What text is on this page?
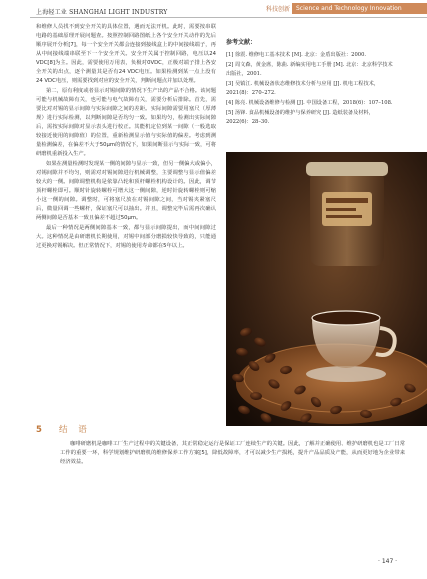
上海轻工业 SHANGHAI LIGHT INDUSTRY	科技创新 Science and Technology Innovation

和维修人员找不到安全开关的具体位置，遇而无法开机。此时，需要按串联电路的基础原理开展问题查。按照控制回路图纸上各个安全开关动作的先后顺序展开分析[7]，每一个安全开关都会连接到接线盒上的中间接线端子，再从中间接线端串联至下一个安全开关。安全开关属于控制回路，电压以24 VDC[8]为主。因此，需要使用万用表，负极对0VDC，正极对端子排上各安全开关的出点，逐个测量其是否有24 VDC电压。如果检测到某一点上没有24 VDC电压，则需要找到对应的安全开关，判断问题点并加以处理。

第二，原有利度或者显示对锡间隙的情况下生产出的产品不合格。该问题可能与机械故障有关，也可能与电气故障有关，需要分析后排除。首先，需要比对对锡的显示间隙与实际间隙之间的差距。实际间隙需要用塞尺（厚薄规）进行实际检测，以判断间隙是否均匀一致。如果均匀，检测出实际间隙后，需按实际间隙对显示表头进行校正。其能机定位到某一间隙（一般选取较接近使用的间隙值）的位置，重新检测显示值与实际值的偏差。考虑到测量检测偏差，在偏差不大于50μm的情况下，如果间断显示与实际一致，可将研磨机重新投入生产。

如果在测量检测时发现某一侧的间隙与显示一致，但另一侧偏大或偏小，对锡间隙并不均匀，则需对对锡间隙进行机械调整，主要调整与显示值偏差较大的一侧。间隙调整机构是依靠凸轮和顶杆螺栓机构设计的。因此，调节顶杆螺栓即可。顺时针旋转螺栓可增大这一侧间隙，逆时针旋转螺栓则可缩小这一侧的间隙。调整时，可将塞尺放在对锡间隙之间，当对锡夹紧塞尺后，微量回调一些螺杆，保证塞尺可以抽出。并且，调整完毕后需再次确认两侧间隙是否基本一致且偏差不超过50μm。

最后一种情况是两侧间隙基本一致，都与显示间隙提出，而中间间隙过大。这种情况是由研磨机长期使用，对锡中间部分磨损较快导致的，只能通过更换对锡解决。但正常情况下，对锡的使用寿命都在5年以上。

参考文献：
[1] 徐震. 维修电工基本技术 [M]. 北京：金盾出版社：2000.
[2] 周文森，黄金席，陈曲. 新编实用电工手册 [M]. 北京：北京科学技术出版社，2001.
[3] 吴镇江. 机械设备状态维修技术分析与应用 [J]. 机电工程技术，2021(8)：270–272.
[4] 陈亮. 机械设备维修与检测 [J]. 中国设备工程，2018(6)：107–108.
[5] 汤锋. 食品机械设备的维护与保养研究 [J]. 造纸装备及材料，2022(6)：28–30.
5 结 语

咖啡研磨机是咖啡工厂生产过程中的关键设备，其正常稳定运行是保证工厂连续生产的关键。因此，了解并正确使用、维护研磨机也是工厂日常工作的重要一环，科学规划维护研磨机的维修保养工作方案[5]，降低故障率，才可以减少生产损耗，提升产品品质及产能，从而更好地为企业带来经济效益。

· 147 ·
